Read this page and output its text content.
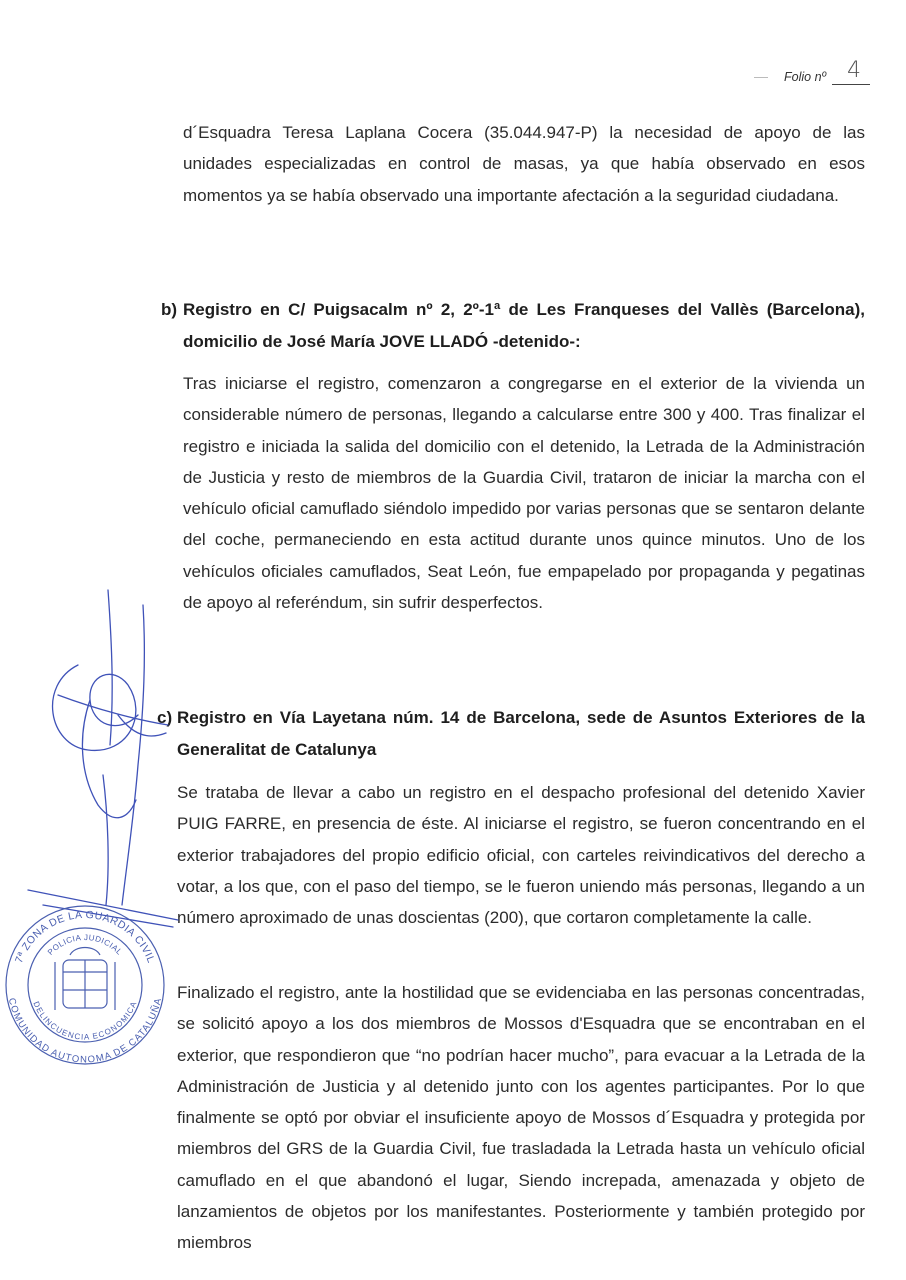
Folio nº 4

d´Esquadra Teresa Laplana Cocera (35.044.947-P) la necesidad de apoyo de las unidades especializadas en control de masas, ya que había observado en esos momentos ya se había observado una importante afectación a la seguridad ciudadana.

b) Registro en C/ Puigsacalm nº 2, 2º-1ª de Les Franqueses del Vallès (Barcelona), domicilio de José María JOVE LLADÓ -detenido-:

Tras iniciarse el registro, comenzaron a congregarse en el exterior de la vivienda un considerable número de personas, llegando a calcularse entre 300 y 400. Tras finalizar el registro e iniciada la salida del domicilio con el detenido, la Letrada de la Administración de Justicia y resto de miembros de la Guardia Civil, trataron de iniciar la marcha con el vehículo oficial camuflado siéndolo impedido por varias personas que se sentaron delante del coche, permaneciendo en esta actitud durante unos quince minutos. Uno de los vehículos oficiales camuflados, Seat León, fue empapelado por propaganda y pegatinas de apoyo al referéndum, sin sufrir desperfectos.

c) Registro en Vía Layetana núm. 14 de Barcelona, sede de Asuntos Exteriores de la Generalitat de Catalunya

Se trataba de llevar a cabo un registro en el despacho profesional del detenido Xavier PUIG FARRE, en presencia de éste. Al iniciarse el registro, se fueron concentrando en el exterior trabajadores del propio edificio oficial, con carteles reivindicativos del derecho a votar, a los que, con el paso del tiempo, se le fueron uniendo más personas, llegando a un número aproximado de unas doscientas (200), que cortaron completamente la calle.

Finalizado el registro, ante la hostilidad que se evidenciaba en las personas concentradas, se solicitó apoyo a los dos miembros de Mossos d'Esquadra que se encontraban en el exterior, que respondieron que “no podrían hacer mucho”, para evacuar a la Letrada de la Administración de Justicia y al detenido junto con los agentes participantes. Por lo que finalmente se optó por obviar el insuficiente apoyo de Mossos d´Esquadra y protegida por miembros del GRS de la Guardia Civil, fue trasladada la Letrada hasta un vehículo oficial camuflado en el que abandonó el lugar, Siendo increpada, amenazada y objeto de lanzamientos de objetos por los manifestantes. Posteriormente y también protegido por miembros

7ª ZONA DE LA GUARDIA CIVIL
POLICIA JUDICIAL
DELINCUENCIA ECONOMICA
COMUNIDAD AUTONOMA DE CATALUÑA
